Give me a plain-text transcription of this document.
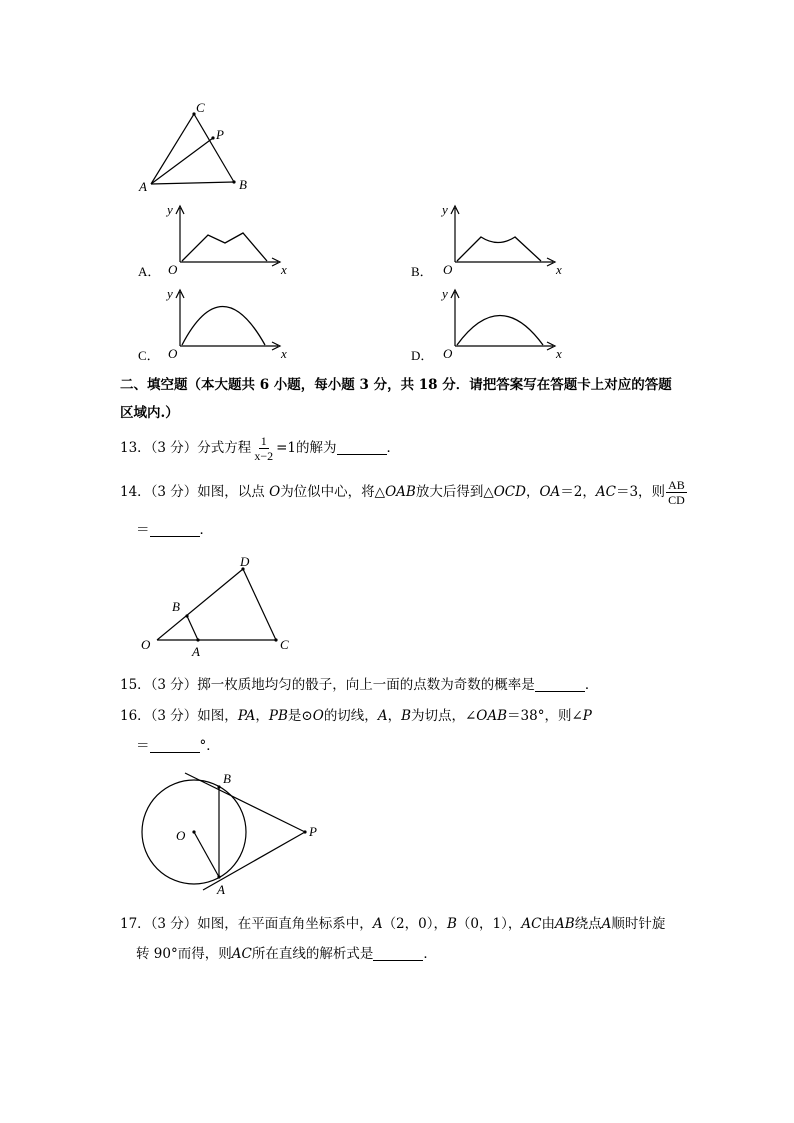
C
P
A	B
y
O	x
A．
y
O	x
B．
y
O	x
C．
y
O	x
D．
二、填空题（本大题共 6 小题，每小题 3 分，共 18 分．请把答案写在答题卡上对应的答题
区域内.）
13．（3 分）分式方程 $\frac{1}{x-2} =1$的解为	．
14．（3 分）如图，以点 O为位似中心，将△OAB放大后得到△OCD，OA＝2，AC＝3，则 $\frac{AB}{CD}$
＝	．
D
B
O	A	C
15．（3 分）掷一枚质地均匀的骰子，向上一面的点数为奇数的概率是	．
16．（3 分）如图，PA，PB是⊙O的切线，A，B为切点，∠OAB＝38°，则∠P
＝	°．
B
O	P
A
17．（3 分）如图，在平面直角坐标系中，A（2，0），B（0，1），AC由AB绕点A顺时针旋
转 90°而得，则AC所在直线的解析式是	．
